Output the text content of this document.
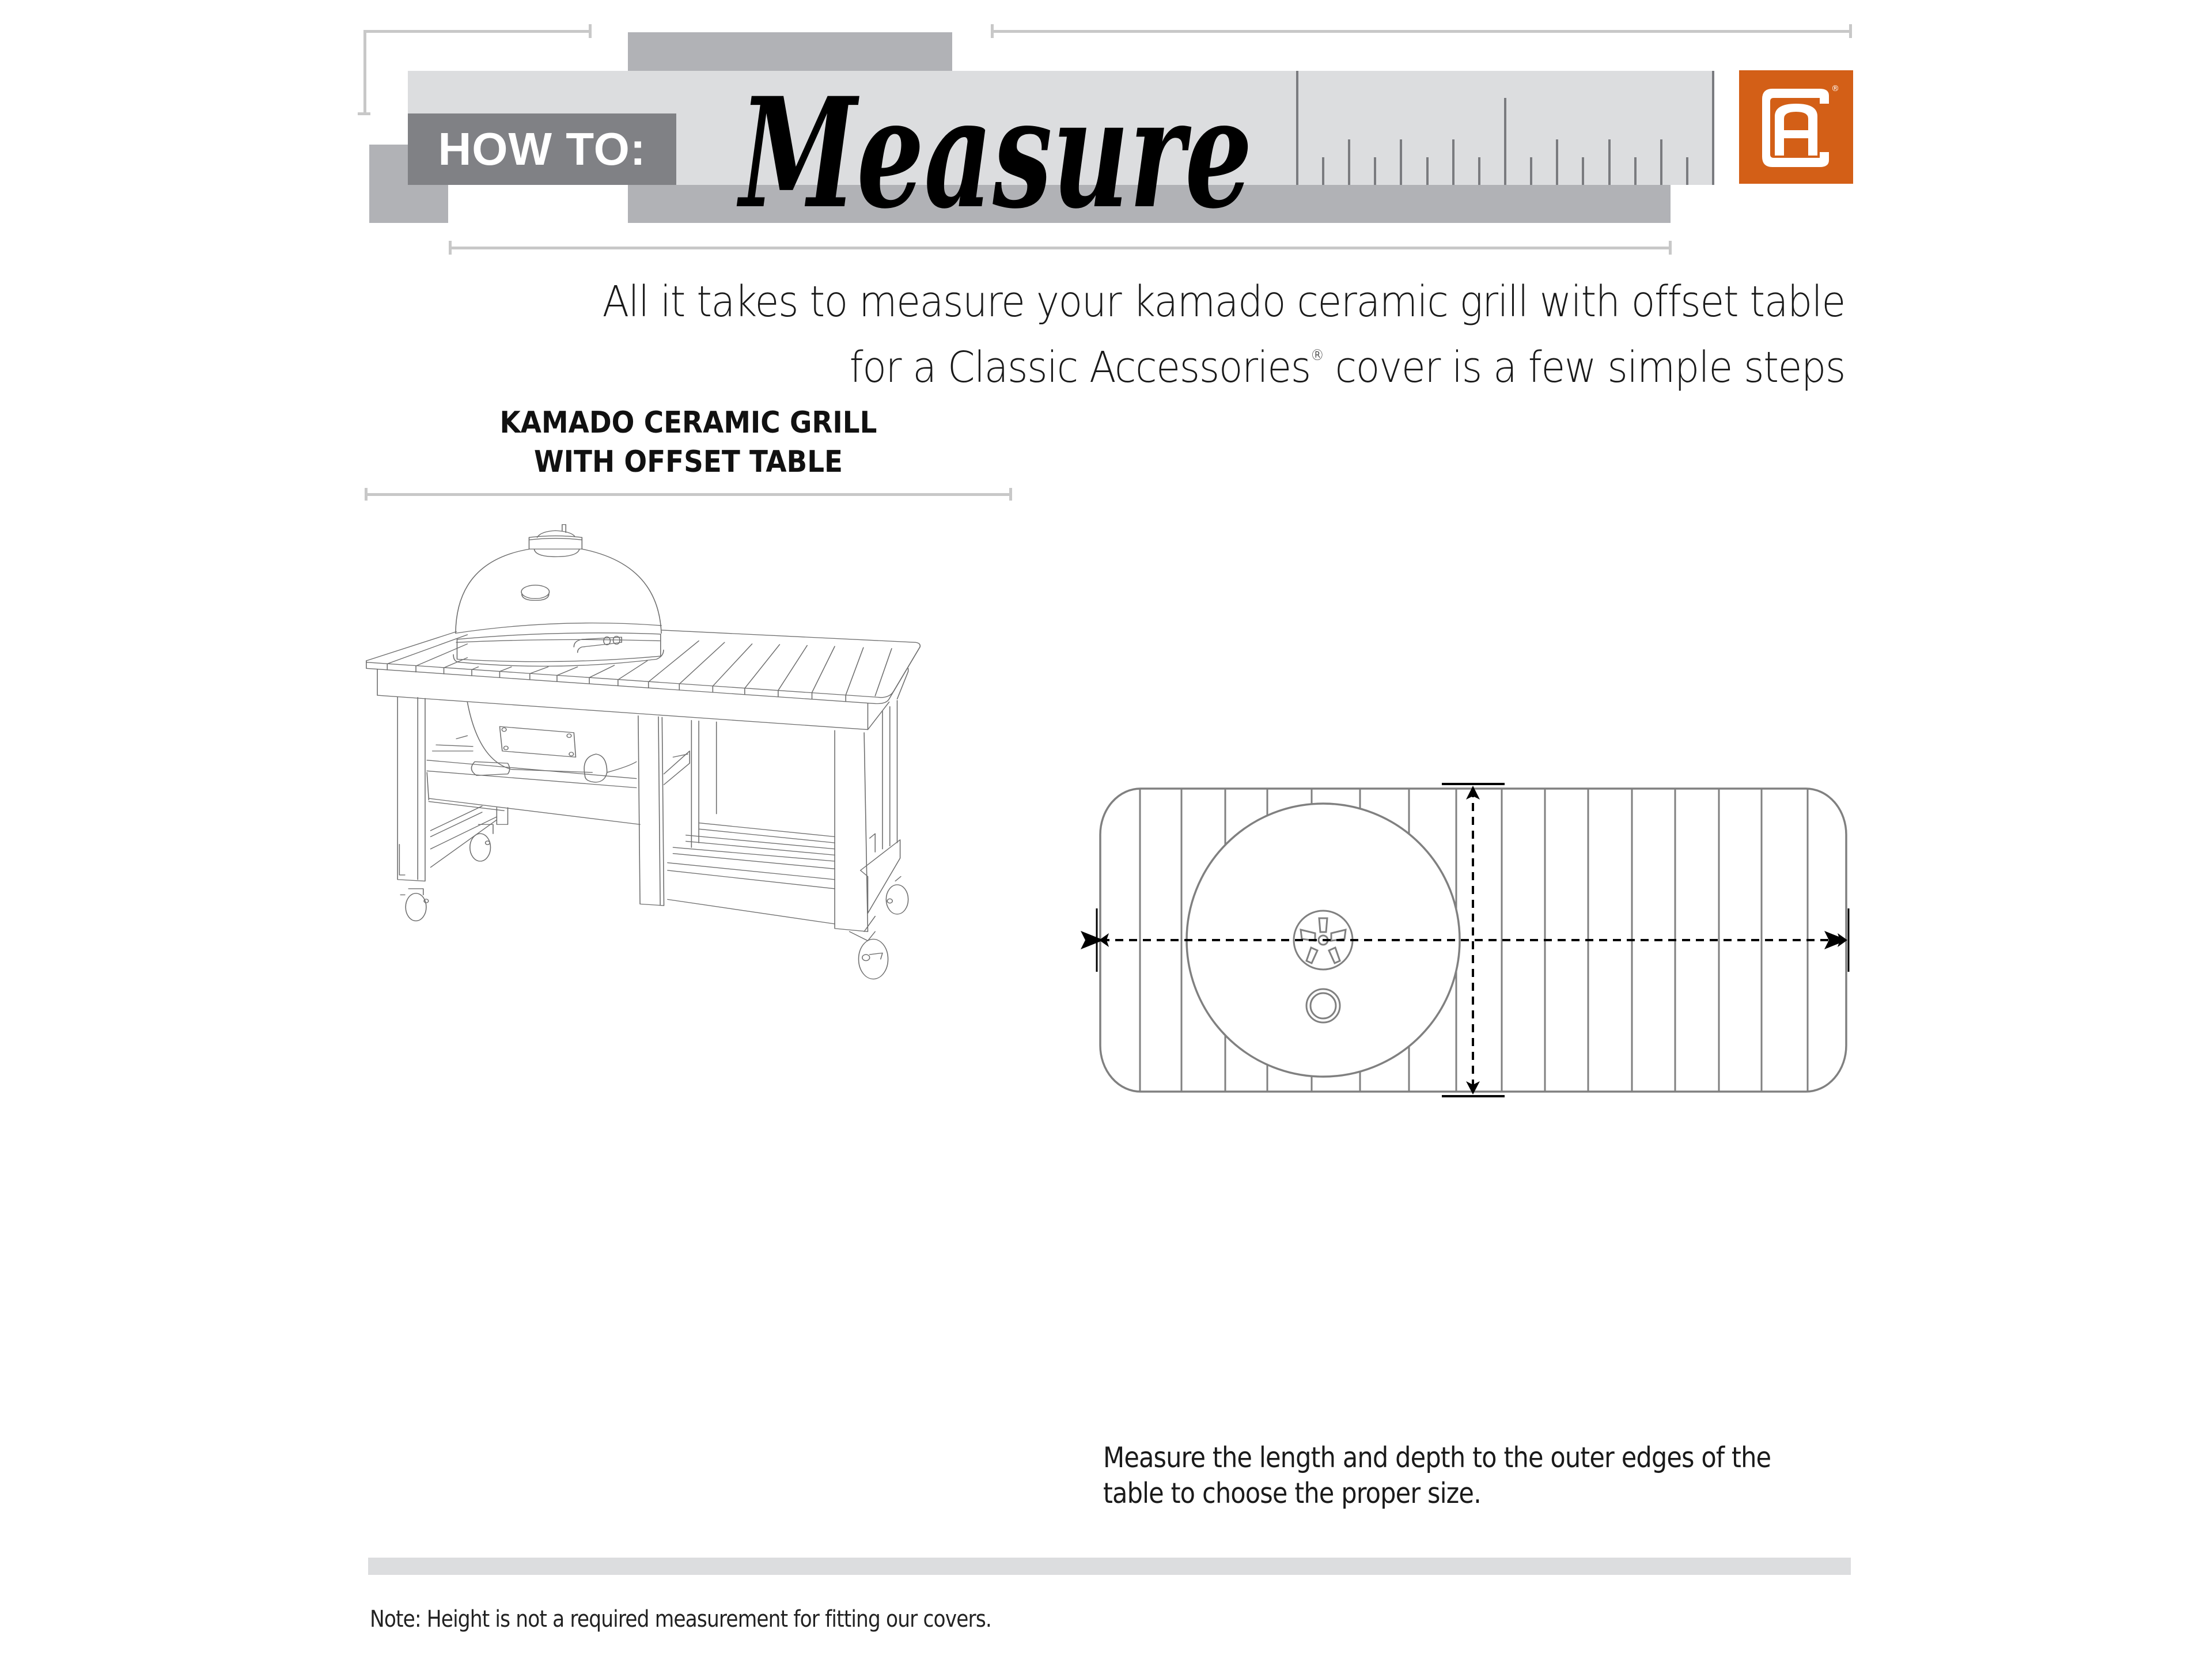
HOW TO: Measure	®
All it takes to measure your kamado ceramic grill with offset table
for a Classic Accessories® cover is a few simple steps
KAMADO CERAMIC GRILL
WITH OFFSET TABLE
Measure the length and depth to the outer edges of the
table to choose the proper size.
Note: Height is not a required measurement for fitting our covers.
